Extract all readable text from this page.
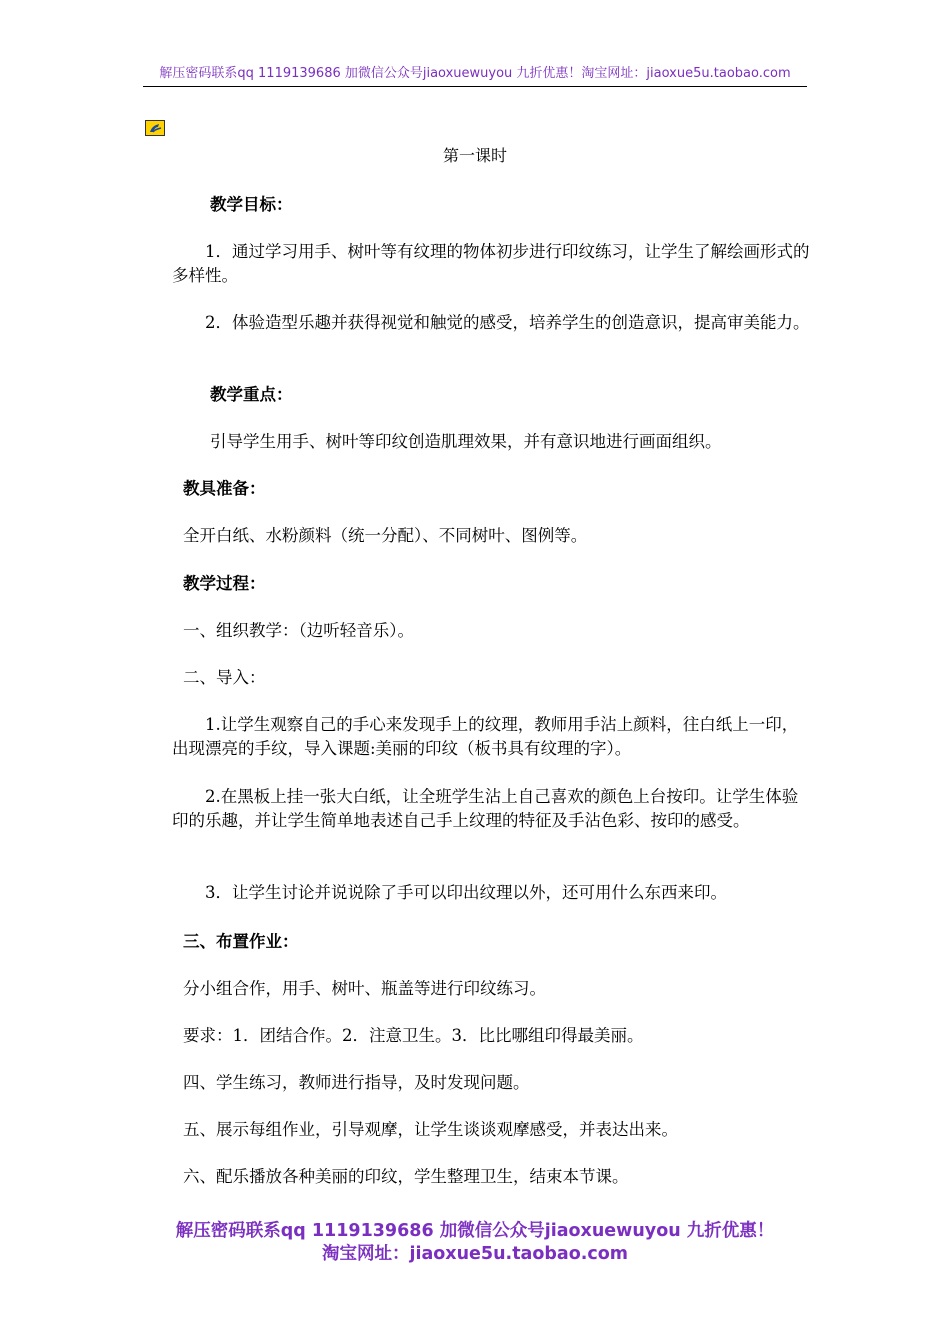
解压密码联系qq 1119139686 加微信公众号jiaoxuewuyou 九折优惠！淘宝网址：jiaoxue5u.taobao.com
第一课时
教学目标：
1．通过学习用手、树叶等有纹理的物体初步进行印纹练习，让学生了解绘画形式的多样性。
2．体验造型乐趣并获得视觉和触觉的感受，培养学生的创造意识，提高审美能力。
教学重点：
引导学生用手、树叶等印纹创造肌理效果，并有意识地进行画面组织。
教具准备：
全开白纸、水粉颜料（统一分配）、不同树叶、图例等。
教学过程：
一、组织教学：（边听轻音乐）。
二、导入：
1.让学生观察自己的手心来发现手上的纹理，教师用手沾上颜料，往白纸上一印，出现漂亮的手纹，导入课题:美丽的印纹（板书具有纹理的字）。
2.在黑板上挂一张大白纸，让全班学生沾上自己喜欢的颜色上台按印。让学生体验印的乐趣，并让学生简单地表述自己手上纹理的特征及手沾色彩、按印的感受。
3．让学生讨论并说说除了手可以印出纹理以外，还可用什么东西来印。
三、布置作业：
分小组合作，用手、树叶、瓶盖等进行印纹练习。
要求：1．团结合作。2．注意卫生。3．比比哪组印得最美丽。
四、学生练习，教师进行指导，及时发现问题。
五、展示每组作业，引导观摩，让学生谈谈观摩感受，并表达出来。
六、配乐播放各种美丽的印纹，学生整理卫生，结束本节课。
解压密码联系qq 1119139686 加微信公众号jiaoxuewuyou 九折优惠！
淘宝网址：jiaoxue5u.taobao.com
